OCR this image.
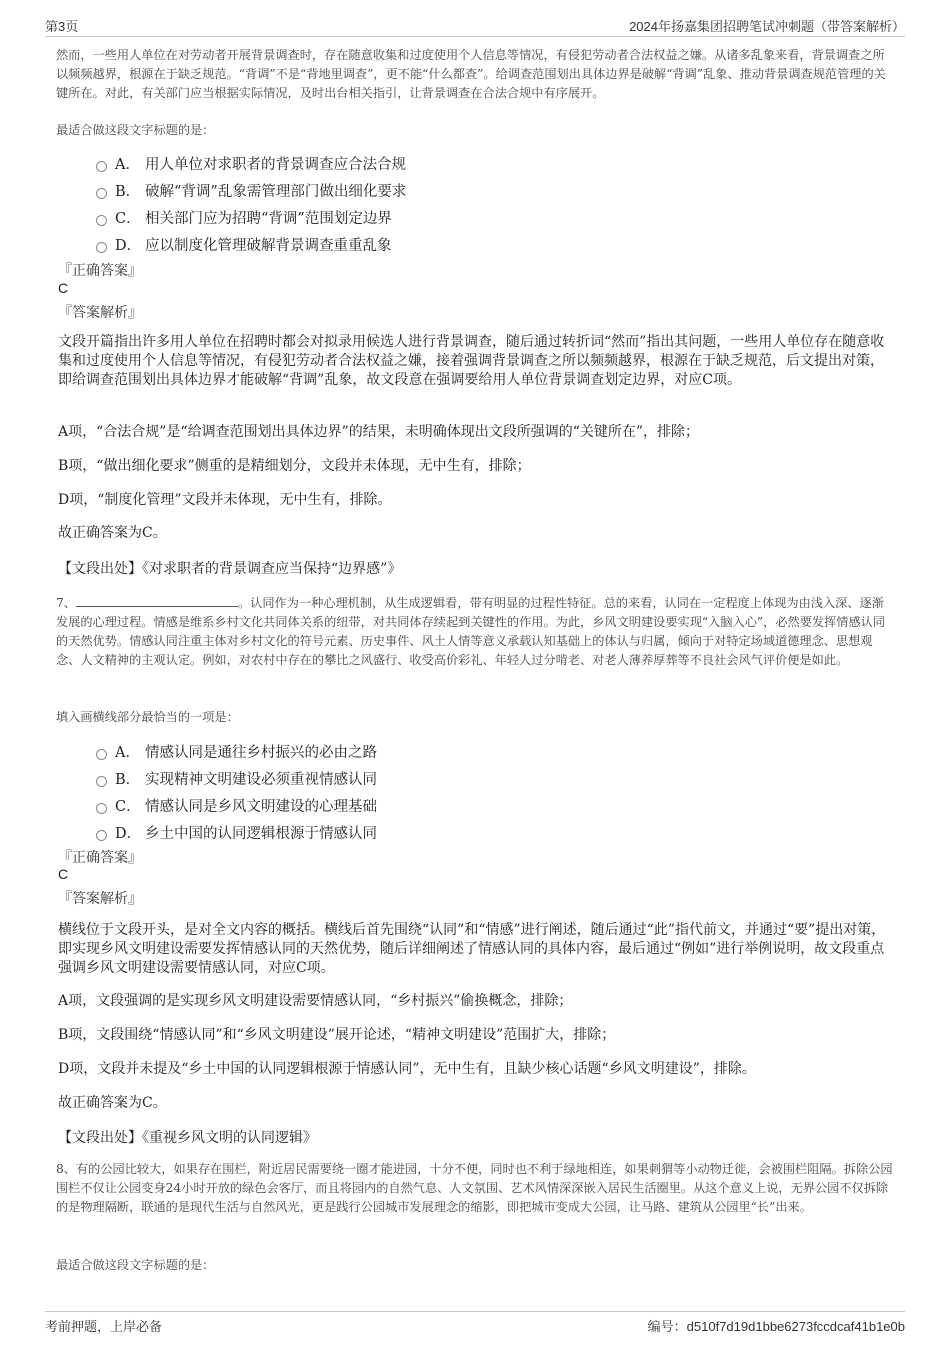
第3页	2024年扬嘉集团招聘笔试冲刺题（带答案解析）

然而，一些用人单位在对劳动者开展背景调查时，存在随意收集和过度使用个人信息等情况，有侵犯劳动者合法权益之嫌。从诸多乱象来看，背景调查之所以频频越界，根源在于缺乏规范。“背调”不是“背地里调查”，更不能“什么都查”。给调查范围划出具体边界是破解“背调”乱象、推动背景调查规范管理的关键所在。对此，有关部门应当根据实际情况，及时出台相关指引，让背景调查在合法合规中有序展开。

最适合做这段文字标题的是：
A． 用人单位对求职者的背景调查应合法合规
B． 破解“背调”乱象需管理部门做出细化要求
C． 相关部门应为招聘“背调”范围划定边界
D． 应以制度化管理破解背景调查重重乱象
『正确答案』
C
『答案解析』

文段开篇指出许多用人单位在招聘时都会对拟录用候选人进行背景调查，随后通过转折词“然而”指出其问题，一些用人单位存在随意收集和过度使用个人信息等情况，有侵犯劳动者合法权益之嫌，接着强调背景调查之所以频频越界，根源在于缺乏规范，后文提出对策，即给调查范围划出具体边界才能破解“背调”乱象，故文段意在强调要给用人单位背景调查划定边界，对应C项。

A项，“合法合规”是“给调查范围划出具体边界”的结果，未明确体现出文段所强调的“关键所在”，排除；

B项，“做出细化要求”侧重的是精细划分，文段并未体现，无中生有，排除；

D项，“制度化管理”文段并未体现，无中生有，排除。

故正确答案为C。

【文段出处】《对求职者的背景调查应当保持“边界感”》

7、	。认同作为一种心理机制，从生成逻辑看，带有明显的过程性特征。总的来看，认同在一定程度上体现为由浅入深、逐渐发展的心理过程。情感是维系乡村文化共同体关系的纽带，对共同体存续起到关键性的作用。为此，乡风文明建设要实现“入脑入心”，必然要发挥情感认同的天然优势。情感认同注重主体对乡村文化的符号元素、历史事件、风土人情等意义承载认知基础上的体认与归属，倾向于对特定场域道德理念、思想观念、人文精神的主观认定。例如，对农村中存在的攀比之风盛行、收受高价彩礼、年轻人过分啃老、对老人薄养厚葬等不良社会风气评价便是如此。

填入画横线部分最恰当的一项是：
A． 情感认同是通往乡村振兴的必由之路
B． 实现精神文明建设必须重视情感认同
C． 情感认同是乡风文明建设的心理基础
D． 乡土中国的认同逻辑根源于情感认同
『正确答案』
C
『答案解析』

横线位于文段开头，是对全文内容的概括。横线后首先围绕“认同”和“情感”进行阐述，随后通过“此”指代前文，并通过“要”提出对策，即实现乡风文明建设需要发挥情感认同的天然优势，随后详细阐述了情感认同的具体内容，最后通过“例如”进行举例说明，故文段重点强调乡风文明建设需要情感认同，对应C项。

A项，文段强调的是实现乡风文明建设需要情感认同，“乡村振兴”偷换概念，排除；

B项，文段围绕“情感认同”和“乡风文明建设”展开论述，“精神文明建设”范围扩大，排除；

D项，文段并未提及“乡土中国的认同逻辑根源于情感认同”，无中生有，且缺少核心话题“乡风文明建设”，排除。

故正确答案为C。

【文段出处】《重视乡风文明的认同逻辑》

8、有的公园比较大，如果存在围栏，附近居民需要绕一圈才能进园，十分不便，同时也不利于绿地相连，如果刺猬等小动物迁徙，会被围栏阻隔。拆除公园围栏不仅让公园变身24小时开放的绿色会客厅，而且将园内的自然气息、人文氛围、艺术风情深深嵌入居民生活圈里。从这个意义上说，无界公园不仅拆除的是物理隔断，联通的是现代生活与自然风光，更是践行公园城市发展理念的缩影，即把城市变成大公园，让马路、建筑从公园里“长”出来。

最适合做这段文字标题的是：
考前押题，上岸必备	编号：d510f7d19d1bbe6273fccdcaf41b1e0b
